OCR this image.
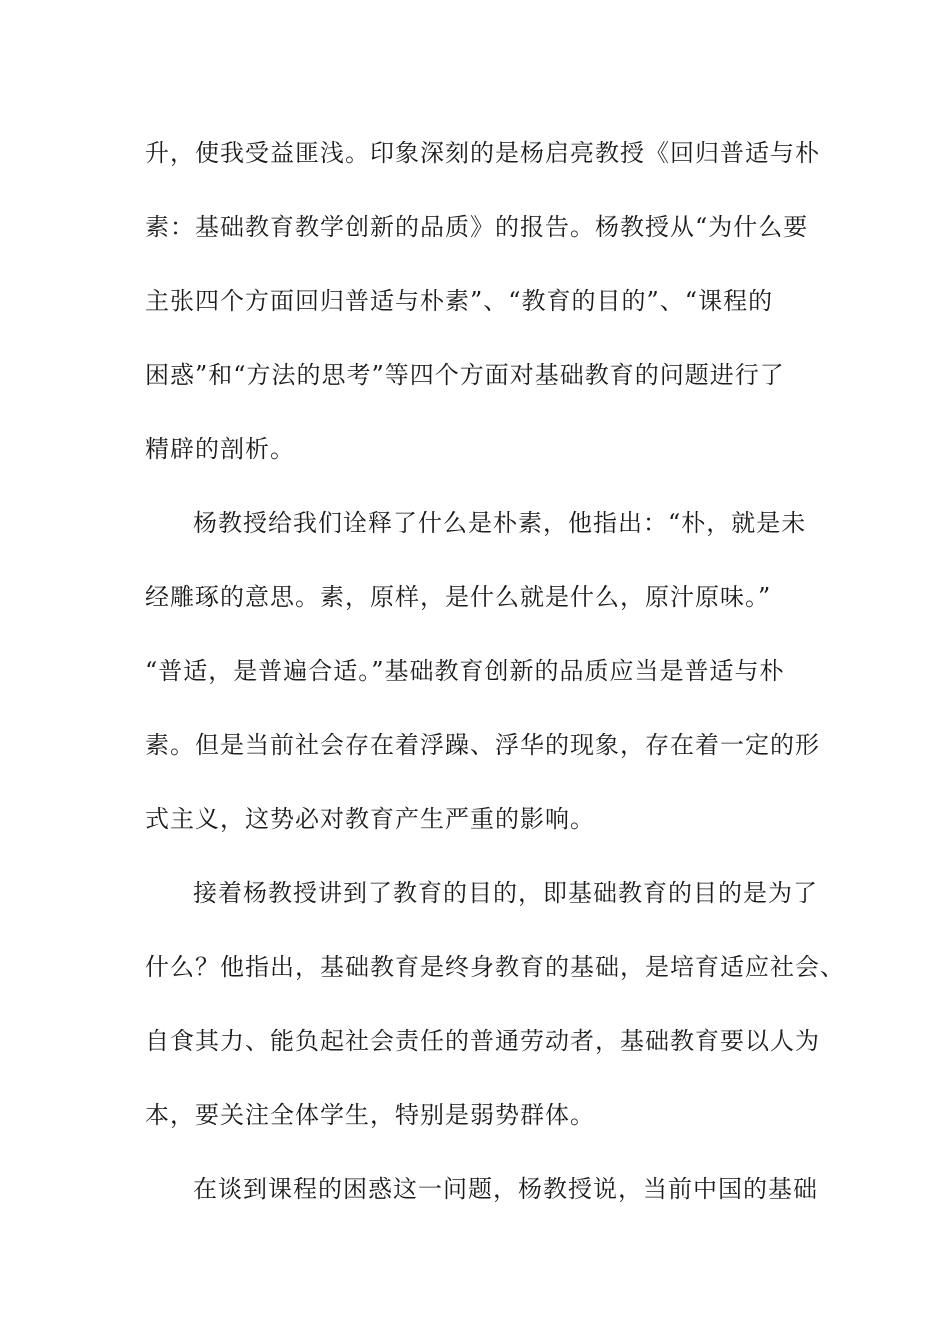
升，使我受益匪浅。印象深刻的是杨启亮教授《回归普适与朴
素：基础教育教学创新的品质》的报告。杨教授从“为什么要
主张四个方面回归普适与朴素”、“教育的目的”、“课程的
困惑”和“方法的思考”等四个方面对基础教育的问题进行了
精辟的剖析。
杨教授给我们诠释了什么是朴素，他指出：“朴，就是未
经雕琢的意思。素，原样，是什么就是什么，原汁原味。”
“普适，是普遍合适。”基础教育创新的品质应当是普适与朴
素。但是当前社会存在着浮躁、浮华的现象，存在着一定的形
式主义，这势必对教育产生严重的影响。
接着杨教授讲到了教育的目的，即基础教育的目的是为了
什么？他指出，基础教育是终身教育的基础，是培育适应社会、
自食其力、能负起社会责任的普通劳动者，基础教育要以人为
本，要关注全体学生，特别是弱势群体。
在谈到课程的困惑这一问题，杨教授说，当前中国的基础
